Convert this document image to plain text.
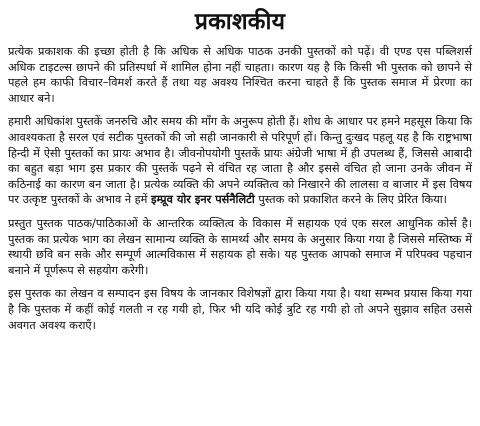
प्रकाशकीय

प्रत्येक प्रकाशक की इच्छा होती है कि अधिक से अधिक पाठक उनकी पुस्तकों को पढ़ें। वी एण्ड एस पब्लिशर्स अधिक टाइटल्स छापने की प्रतिस्पर्धा में शामिल होना नहीं चाहता। कारण यह है कि किसी भी पुस्तक को छापने से पहले हम काफी विचार–विमर्श करते हैं तथा यह अवश्य निश्चित करना चाहते हैं कि पुस्तक समाज में प्रेरणा का आधार बने।

हमारी अधिकांश पुस्तकें जनरुचि और समय की माँग के अनुरूप होती हैं। शोध के आधार पर हमने महसूस किया कि आवश्यकता है सरल एवं सटीक पुस्तकों की जो सही जानकारी से परिपूर्ण हों। किन्तु दुःखद पहलू यह है कि राष्ट्रभाषा हिन्दी में ऐसी पुस्तकों का प्रायः अभाव है। जीवनोपयोगी पुस्तकें प्रायः अंग्रेजी भाषा में ही उपलब्ध हैं, जिससे आबादी का बहुत बड़ा भाग इस प्रकार की पुस्तकें पढ़ने से वंचित रह जाता है और इससे वंचित हो जाना उनके जीवन में कठिनाई का कारण बन जाता है। प्रत्येक व्यक्ति की अपने व्यक्तित्व को निखारने की लालसा व बाजार में इस विषय पर उत्कृष्ट पुस्तकों के अभाव ने हमें इम्प्रूव योर इनर पर्सनैलिटी पुस्तक को प्रकाशित करने के लिए प्रेरित किया।

प्रस्तुत पुस्तक पाठक/पाठिकाओं के आन्तरिक व्यक्तित्व के विकास में सहायक एवं एक सरल आधुनिक कोर्स है। पुस्तक का प्रत्येक भाग का लेखन सामान्य व्यक्ति के सामर्थ्य और समय के अनुसार किया गया है जिससे मस्तिष्क में स्थायी छवि बन सके और सम्पूर्ण आत्मविकास में सहायक हो सके। यह पुस्तक आपको समाज में परिपक्व पहचान बनाने में पूर्णरूप से सहयोग करेगी।

इस पुस्तक का लेखन व सम्पादन इस विषय के जानकार विशेषज्ञों द्वारा किया गया है। यथा सम्भव प्रयास किया गया है कि पुस्तक में कहीं कोई गलती न रह गयी हो, फिर भी यदि कोई त्रुटि रह गयी हो तो अपने सुझाव सहित उससे अवगत अवश्य कराएँ।
